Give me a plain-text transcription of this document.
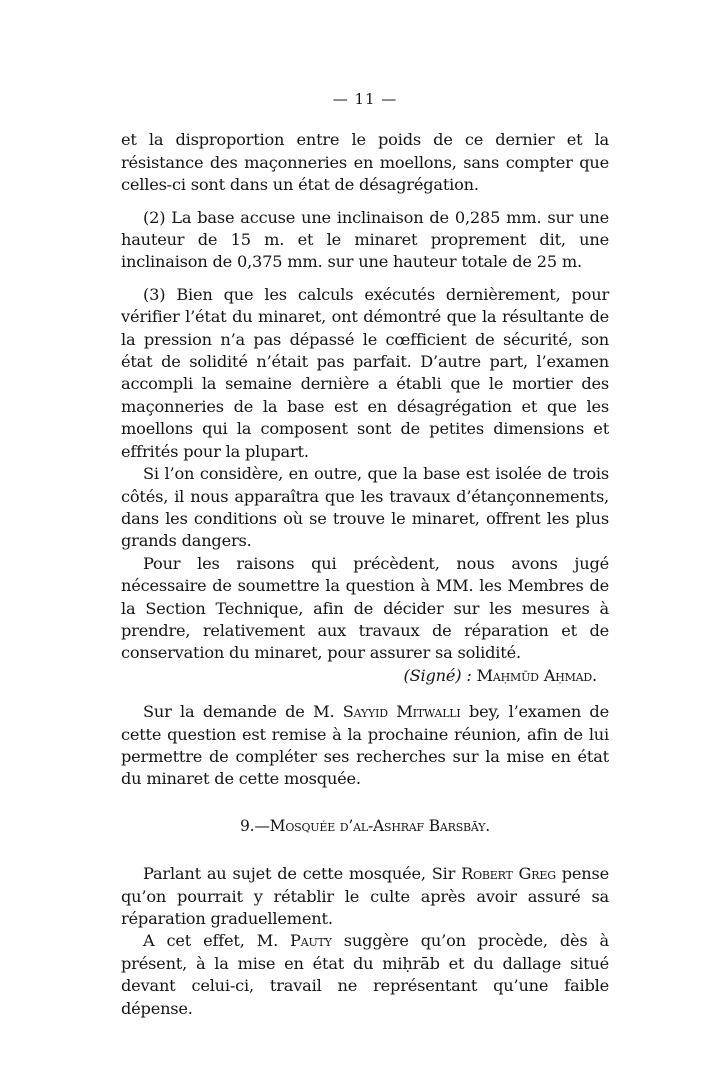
— 11 —

et la disproportion entre le poids de ce dernier et la résistance des maçonneries en moellons, sans compter que celles-ci sont dans un état de désagrégation.

(2) La base accuse une inclinaison de 0,285 mm. sur une hauteur de 15 m. et le minaret proprement dit, une inclinaison de 0,375 mm. sur une hauteur totale de 25 m.

(3) Bien que les calculs exécutés dernièrement, pour vérifier l’état du minaret, ont démontré que la résultante de la pression n’a pas dépassé le cœfficient de sécurité, son état de solidité n’était pas parfait. D’autre part, l’examen accompli la semaine dernière a établi que le mortier des maçonneries de la base est en désagrégation et que les moellons qui la composent sont de petites dimensions et effrités pour la plupart.

Si l’on considère, en outre, que la base est isolée de trois côtés, il nous apparaîtra que les travaux d’étançonnements, dans les conditions où se trouve le minaret, offrent les plus grands dangers.

Pour les raisons qui précèdent, nous avons jugé nécessaire de soumettre la question à MM. les Membres de la Section Technique, afin de décider sur les mesures à prendre, relativement aux travaux de réparation et de conservation du minaret, pour assurer sa solidité.

(Signé) : Maḥmūd Aḥmad.

Sur la demande de M. Sayyid Mitwalli bey, l’examen de cette question est remise à la prochaine réunion, afin de lui permettre de compléter ses recherches sur la mise en état du minaret de cette mosquée.

9.—Mosquée d’al-Ashraf Barsbāy.

Parlant au sujet de cette mosquée, Sir Robert Greg pense qu’on pourrait y rétablir le culte après avoir assuré sa réparation graduellement.

A cet effet, M. Pauty suggère qu’on procède, dès à présent, à la mise en état du miḥrāb et du dallage situé devant celui-ci, travail ne représentant qu’une faible dépense.
